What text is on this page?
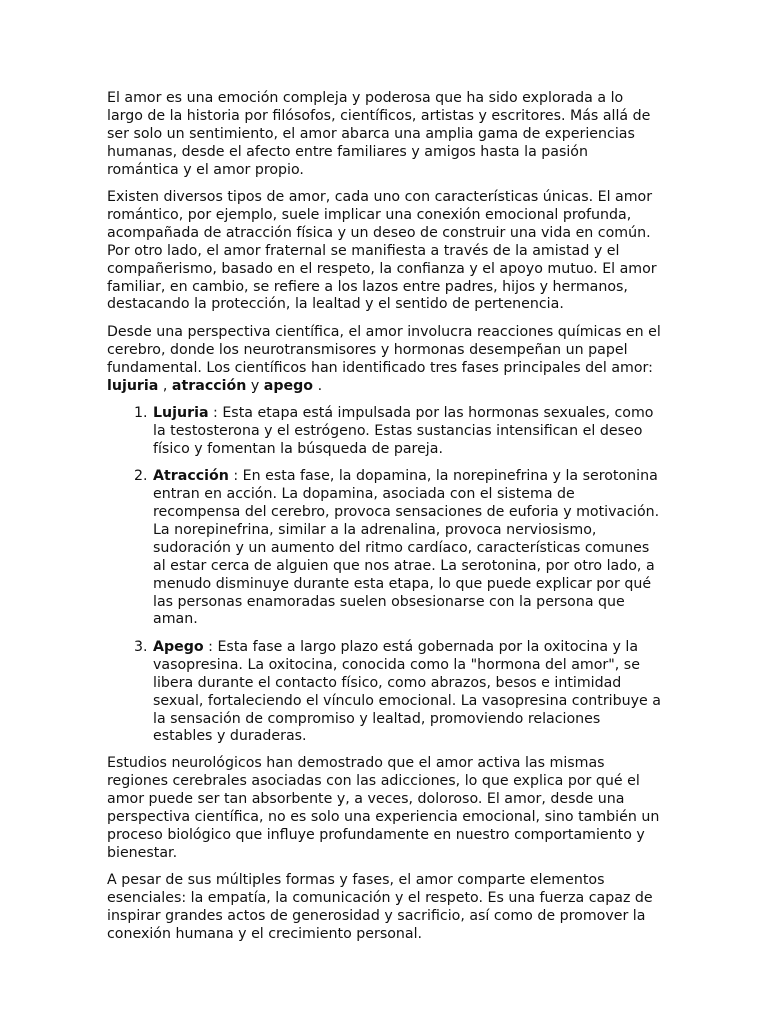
El amor es una emoción compleja y poderosa que ha sido explorada a lo largo de la historia por filósofos, científicos, artistas y escritores. Más allá de ser solo un sentimiento, el amor abarca una amplia gama de experiencias humanas, desde el afecto entre familiares y amigos hasta la pasión romántica y el amor propio.

Existen diversos tipos de amor, cada uno con características únicas. El amor romántico, por ejemplo, suele implicar una conexión emocional profunda, acompañada de atracción física y un deseo de construir una vida en común. Por otro lado, el amor fraternal se manifiesta a través de la amistad y el compañerismo, basado en el respeto, la confianza y el apoyo mutuo. El amor familiar, en cambio, se refiere a los lazos entre padres, hijos y hermanos, destacando la protección, la lealtad y el sentido de pertenencia.

Desde una perspectiva científica, el amor involucra reacciones químicas en el cerebro, donde los neurotransmisores y hormonas desempeñan un papel fundamental. Los científicos han identificado tres fases principales del amor: lujuria , atracción y apego .

1. Lujuria : Esta etapa está impulsada por las hormonas sexuales, como la testosterona y el estrógeno. Estas sustancias intensifican el deseo físico y fomentan la búsqueda de pareja.
2. Atracción : En esta fase, la dopamina, la norepinefrina y la serotonina entran en acción. La dopamina, asociada con el sistema de recompensa del cerebro, provoca sensaciones de euforia y motivación. La norepinefrina, similar a la adrenalina, provoca nerviosismo, sudoración y un aumento del ritmo cardíaco, características comunes al estar cerca de alguien que nos atrae. La serotonina, por otro lado, a menudo disminuye durante esta etapa, lo que puede explicar por qué las personas enamoradas suelen obsesionarse con la persona que aman.
3. Apego : Esta fase a largo plazo está gobernada por la oxitocina y la vasopresina. La oxitocina, conocida como la "hormona del amor", se libera durante el contacto físico, como abrazos, besos e intimidad sexual, fortaleciendo el vínculo emocional. La vasopresina contribuye a la sensación de compromiso y lealtad, promoviendo relaciones estables y duraderas.

Estudios neurológicos han demostrado que el amor activa las mismas regiones cerebrales asociadas con las adicciones, lo que explica por qué el amor puede ser tan absorbente y, a veces, doloroso. El amor, desde una perspectiva científica, no es solo una experiencia emocional, sino también un proceso biológico que influye profundamente en nuestro comportamiento y bienestar.

A pesar de sus múltiples formas y fases, el amor comparte elementos esenciales: la empatía, la comunicación y el respeto. Es una fuerza capaz de inspirar grandes actos de generosidad y sacrificio, así como de promover la conexión humana y el crecimiento personal.
